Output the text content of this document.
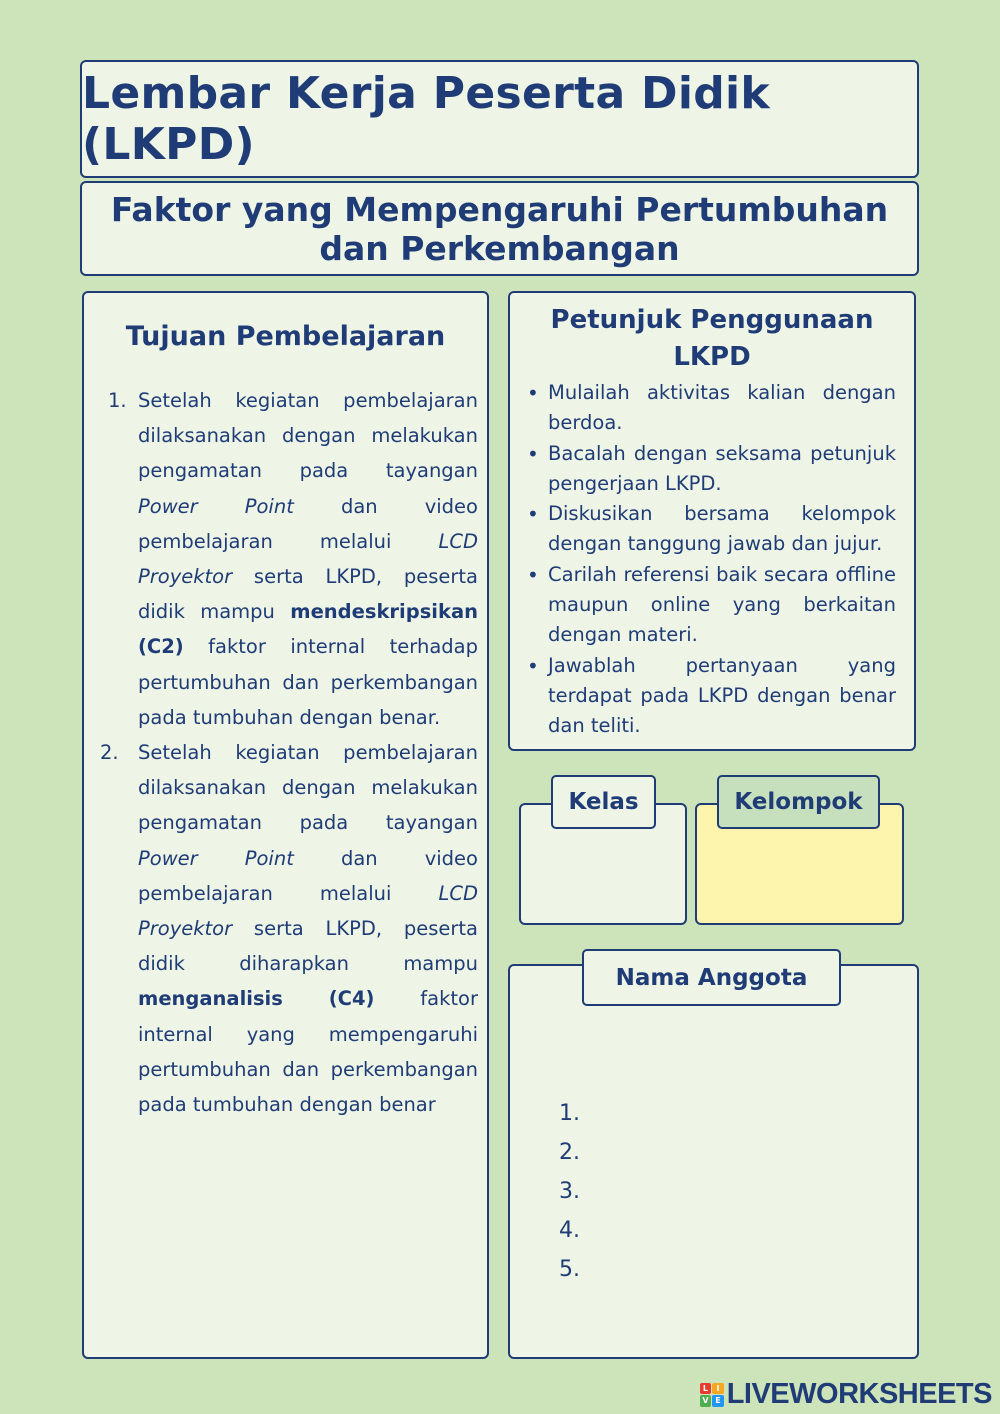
Lembar Kerja Peserta Didik (LKPD)
Faktor yang Mempengaruhi Pertumbuhan
dan Perkembangan
Tujuan Pembelajaran
1. Setelah kegiatan pembelajaran dilaksanakan dengan melakukan pengamatan pada tayangan Power Point dan video pembelajaran melalui LCD Proyektor serta LKPD, peserta didik mampu mendeskripsikan (C2) faktor internal terhadap pertumbuhan dan perkembangan pada tumbuhan dengan benar.
2. Setelah kegiatan pembelajaran dilaksanakan dengan melakukan pengamatan pada tayangan Power Point dan video pembelajaran melalui LCD Proyektor serta LKPD, peserta didik diharapkan mampu menganalisis (C4) faktor internal yang mempengaruhi pertumbuhan dan perkembangan pada tumbuhan dengan benar
Petunjuk Penggunaan
LKPD
• Mulailah aktivitas kalian dengan berdoa.
• Bacalah dengan seksama petunjuk pengerjaan LKPD.
• Diskusikan bersama kelompok dengan tanggung jawab dan jujur.
• Carilah referensi baik secara offline maupun online yang berkaitan dengan materi.
• Jawablah pertanyaan yang terdapat pada LKPD dengan benar dan teliti.
Kelas	Kelompok
1.
2.
3.
4.
5.
Nama Anggota
L	I
V E LIVEWORKSHEETS
